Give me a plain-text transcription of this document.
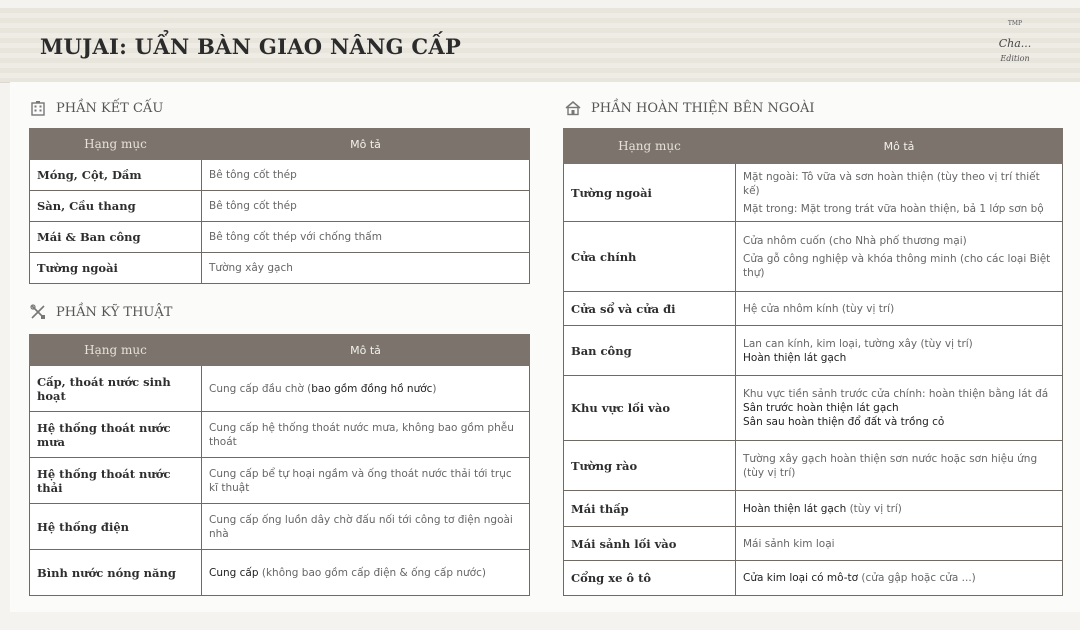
MUJAI: UẨN BÀN GIAO NÂNG CẤP
TMP
Cha...
Edition
PHẦN KẾT CẤU
Hạng mục	Mô tả
Móng, Cột, Dầm	Bê tông cốt thép
Sàn, Cầu thang	Bê tông cốt thép
Mái & Ban công	Bê tông cốt thép với chống thấm
Tường ngoài	Tường xây gạch
PHẦN KỸ THUẬT
Hạng mục	Mô tả
Cấp, thoát nước sinh hoạt	Cung cấp đầu chờ (bao gồm đồng hồ nước)
Hệ thống thoát nước mưa	Cung cấp hệ thống thoát nước mưa, không bao gồm phễu thoát
Hệ thống thoát nước thải	Cung cấp bể tự hoại ngầm và ống thoát nước thải tới trục kĩ thuật
Hệ thống điện	Cung cấp ống luồn dây chờ đấu nối tới công tơ điện ngoài nhà
Bình nước nóng năng	Cung cấp (không bao gồm cấp điện & ống cấp nước)
PHẦN HOÀN THIỆN BÊN NGOÀI
Hạng mục	Mô tả
Tường ngoài	Mặt ngoài: Tô vữa và sơn hoàn thiện (tùy theo vị trí thiết kế)
Mặt trong: Mặt trong trát vữa hoàn thiện, bả 1 lớp sơn bộ

Cửa chính	Cửa nhôm cuốn (cho Nhà phố thương mại)
Cửa gỗ công nghiệp và khóa thông minh (cho các loại Biệt thự)

Cửa sổ và cửa đi	Hệ cửa nhôm kính (tùy vị trí)
Ban công	Lan can kính, kim loại, tường xây (tùy vị trí)
Hoàn thiện lát gạch

Khu vực lối vào	Khu vực tiền sảnh trước cửa chính: hoàn thiện bằng lát đá
Sân trước hoàn thiện lát gạch
Sân sau hoàn thiện đổ đất và trồng cỏ

Tường rào	Tường xây gạch hoàn thiện sơn nước hoặc sơn hiệu ứng (tùy vị trí)
Mái thấp	Hoàn thiện lát gạch (tùy vị trí)
Mái sảnh lối vào	Mái sảnh kim loại
Cổng xe ô tô	Cửa kim loại có mô-tơ (cửa gập hoặc cửa ...)
